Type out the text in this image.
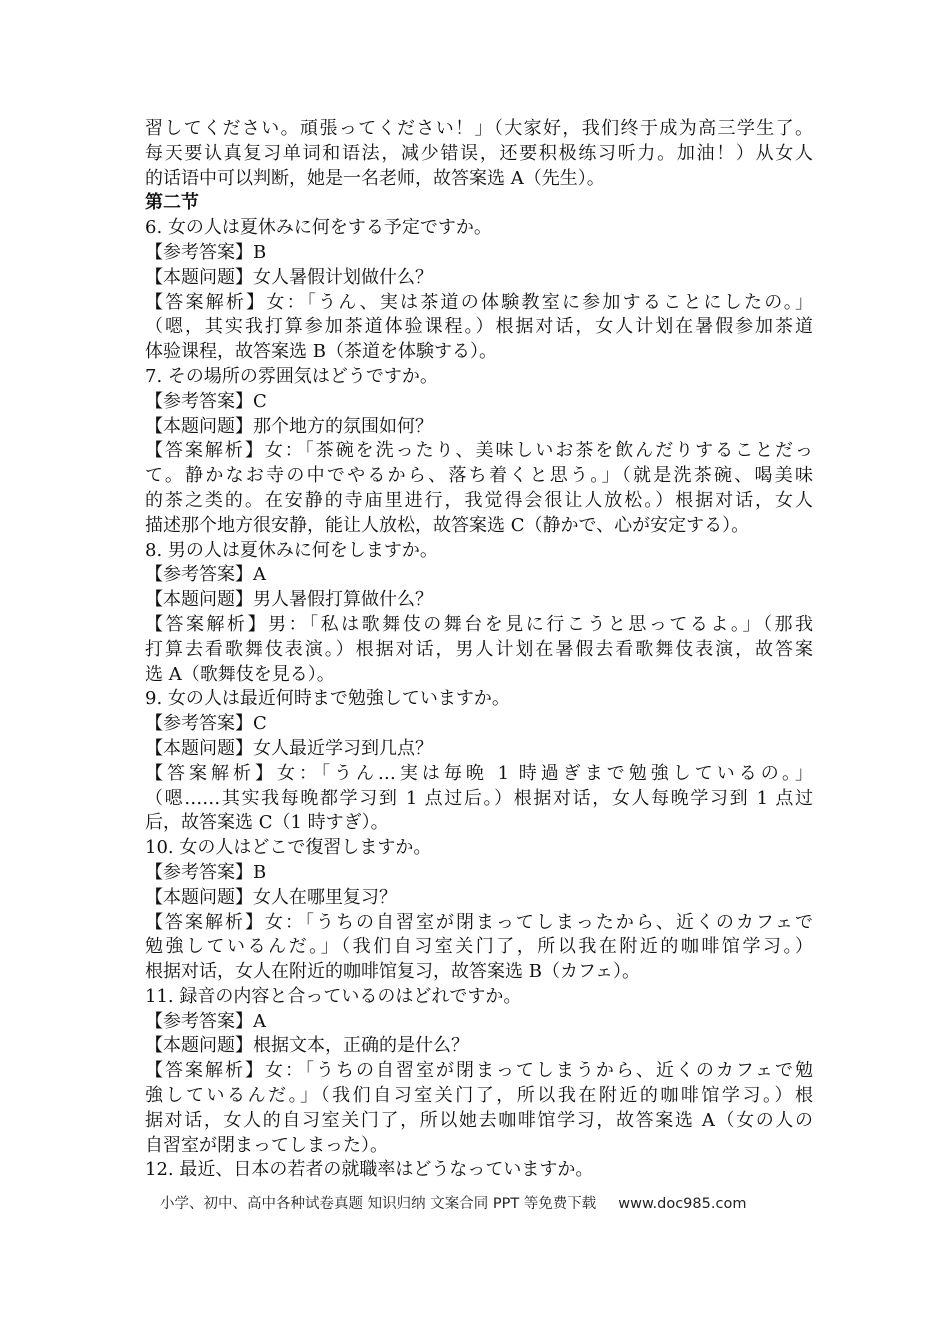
習してください。頑張ってください！」（大家好，我们终于成为高三学生了。
每天要认真复习单词和语法，减少错误，还要积极练习听力。加油！）从女人
的话语中可以判断，她是一名老师，故答案选 A（先生）。
第二节
6. 女の人は夏休みに何をする予定ですか。
【参考答案】B
【本题问题】女人暑假计划做什么？
【答案解析】女：「うん、実は茶道の体験教室に参加することにしたの。」
（嗯，其实我打算参加茶道体验课程。）根据对话，女人计划在暑假参加茶道
体验课程，故答案选 B（茶道を体験する）。
7. その場所の雰囲気はどうですか。
【参考答案】C
【本题问题】那个地方的氛围如何？
【答案解析】女：「茶碗を洗ったり、美味しいお茶を飲んだりすることだっ
て。静かなお寺の中でやるから、落ち着くと思う。」（就是洗茶碗、喝美味
的茶之类的。在安静的寺庙里进行，我觉得会很让人放松。）根据对话，女人
描述那个地方很安静，能让人放松，故答案选 C（静かで、心が安定する）。
8. 男の人は夏休みに何をしますか。
【参考答案】A
【本题问题】男人暑假打算做什么？
【答案解析】男：「私は歌舞伎の舞台を見に行こうと思ってるよ。」（那我
打算去看歌舞伎表演。）根据对话，男人计划在暑假去看歌舞伎表演，故答案
选 A（歌舞伎を見る）。
9. 女の人は最近何時まで勉強していますか。
【参考答案】C
【本题问题】女人最近学习到几点？
【答案解析】女：「うん…実は毎晩 1 時過ぎまで勉強しているの。」
（嗯……其实我每晚都学习到 1 点过后。）根据对话，女人每晚学习到 1 点过
后，故答案选 C（1 時すぎ）。
10. 女の人はどこで復習しますか。
【参考答案】B
【本题问题】女人在哪里复习？
【答案解析】女：「うちの自習室が閉まってしまったから、近くのカフェで
勉強しているんだ。」（我们自习室关门了，所以我在附近的咖啡馆学习。）
根据对话，女人在附近的咖啡馆复习，故答案选 B（カフェ）。
11. 録音の内容と合っているのはどれですか。
【参考答案】A
【本题问题】根据文本，正确的是什么？
【答案解析】女：「うちの自習室が閉まってしまうから、近くのカフェで勉
強しているんだ。」（我们自习室关门了，所以我在附近的咖啡馆学习。）根
据对话，女人的自习室关门了，所以她去咖啡馆学习，故答案选 A（女の人の
自習室が閉まってしまった）。
12. 最近、日本の若者の就職率はどうなっていますか。
小学、初中、高中各种试卷真题 知识归纳 文案合同 PPT 等免费下载 www.doc985.com
